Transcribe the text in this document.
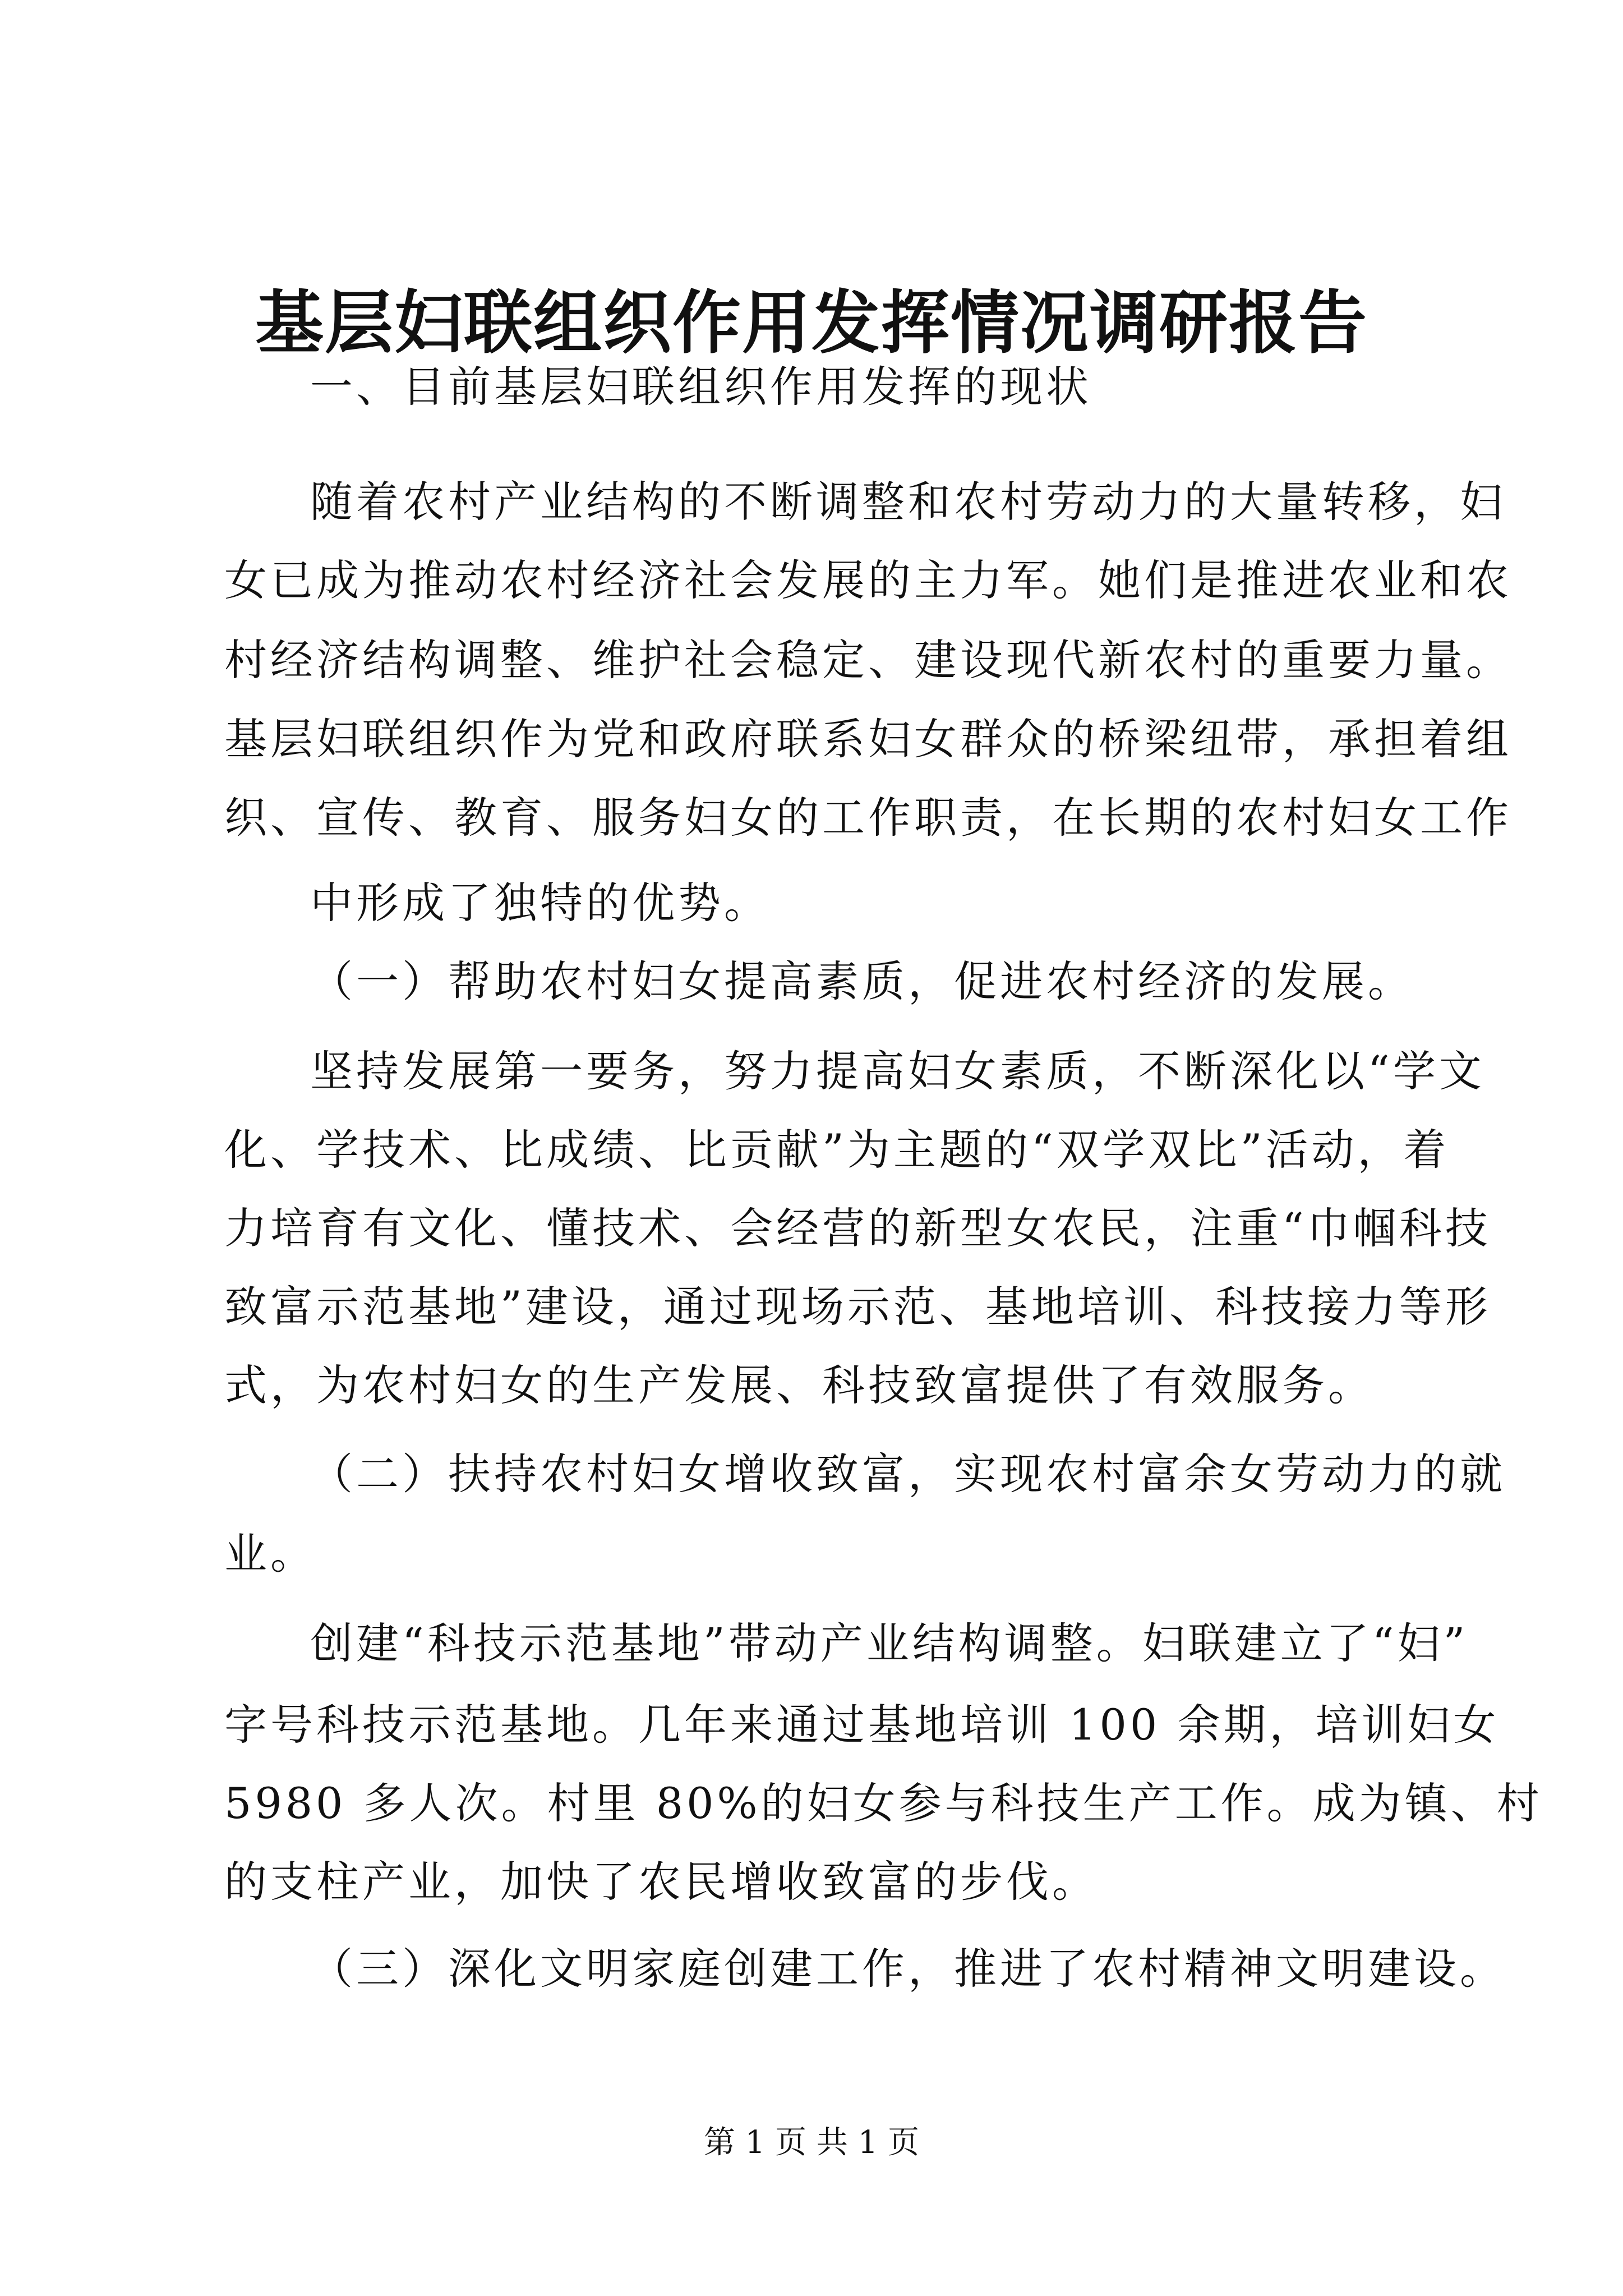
基层妇联组织作用发挥情况调研报告
一、目前基层妇联组织作用发挥的现状
随着农村产业结构的不断调整和农村劳动力的大量转移，妇
女已成为推动农村经济社会发展的主力军。她们是推进农业和农
村经济结构调整、维护社会稳定、建设现代新农村的重要力量。
基层妇联组织作为党和政府联系妇女群众的桥梁纽带，承担着组
织、宣传、教育、服务妇女的工作职责，在长期的农村妇女工作
中形成了独特的优势。
（一）帮助农村妇女提高素质，促进农村经济的发展。
坚持发展第一要务，努力提高妇女素质，不断深化以“学文
化、学技术、比成绩、比贡献”为主题的“双学双比”活动，着
力培育有文化、懂技术、会经营的新型女农民，注重“巾帼科技
致富示范基地”建设，通过现场示范、基地培训、科技接力等形
式，为农村妇女的生产发展、科技致富提供了有效服务。
（二）扶持农村妇女增收致富，实现农村富余女劳动力的就
业。
创建“科技示范基地”带动产业结构调整。妇联建立了“妇”
字号科技示范基地。几年来通过基地培训 100 余期，培训妇女
5980 多人次。村里 80%的妇女参与科技生产工作。成为镇、村
的支柱产业，加快了农民增收致富的步伐。
（三）深化文明家庭创建工作，推进了农村精神文明建设。
第 1 页 共 1 页
